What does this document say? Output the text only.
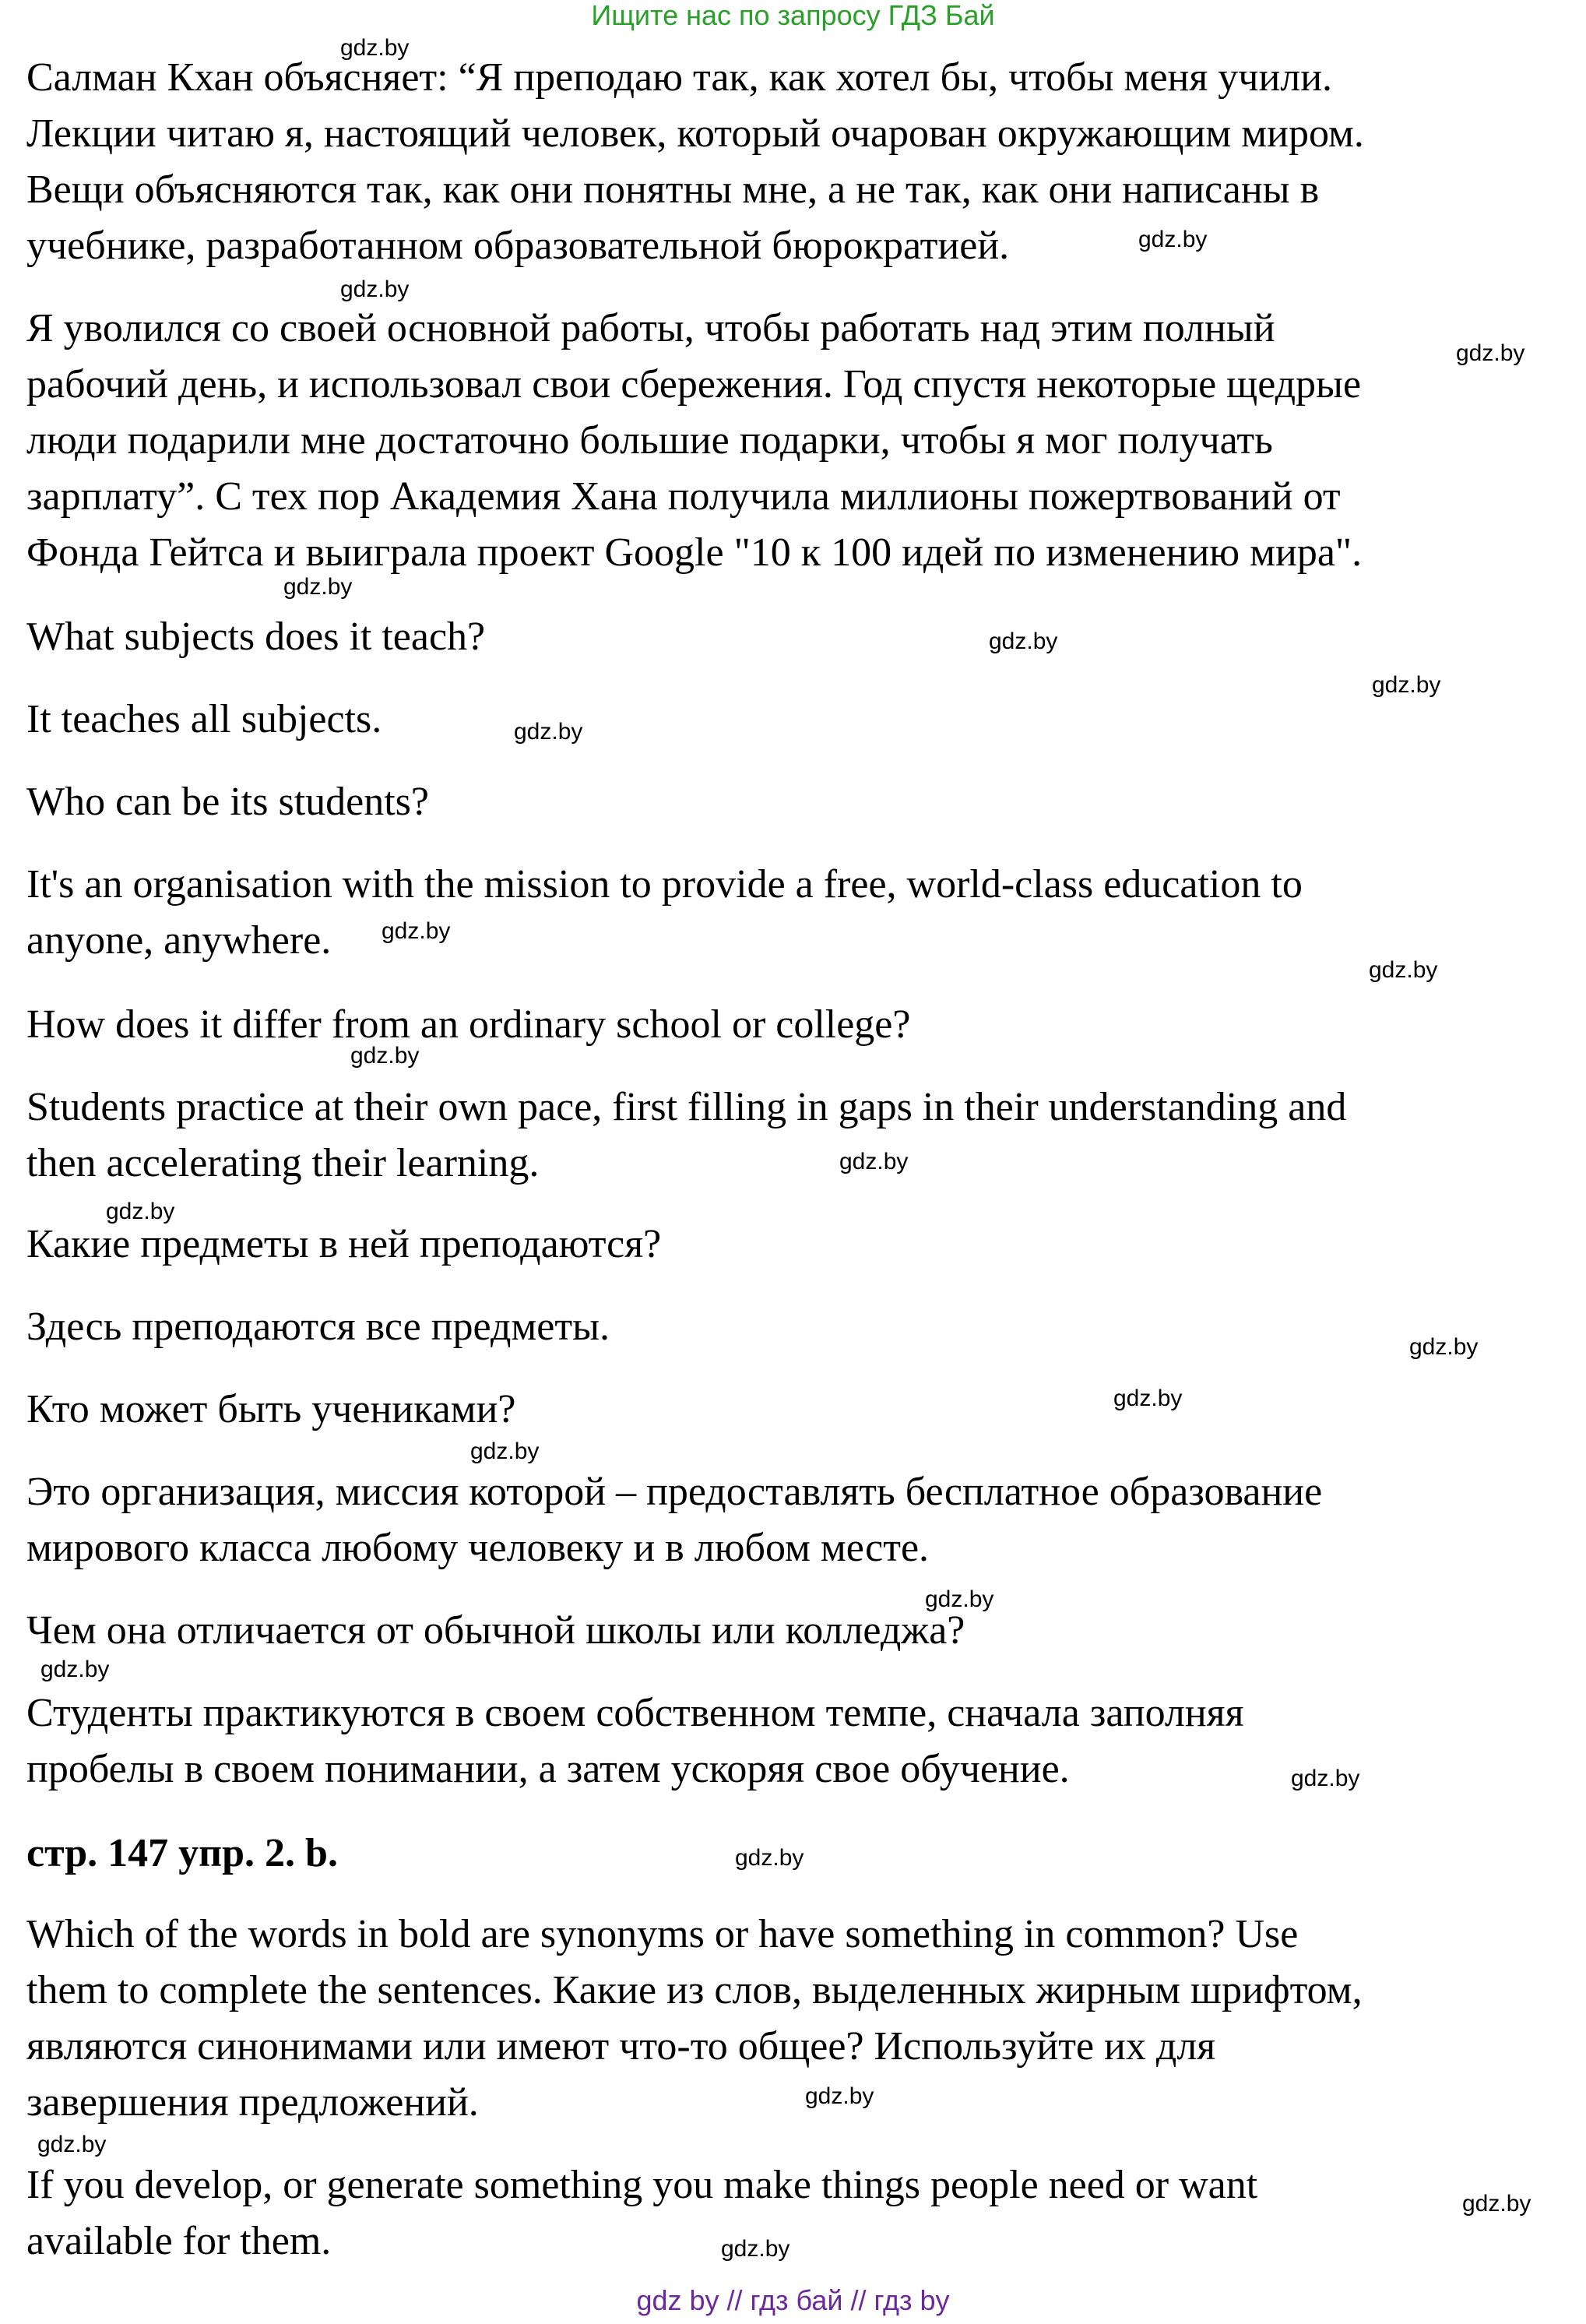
Ищите нас по запросу ГДЗ Бай
Салман Кхан объясняет: “Я преподаю так, как хотел бы, чтобы меня учили.
Лекции читаю я, настоящий человек, который очарован окружающим миром.
Вещи объясняются так, как они понятны мне, а не так, как они написаны в
учебнике, разработанном образовательной бюрократией.
Я уволился со своей основной работы, чтобы работать над этим полный
рабочий день, и использовал свои сбережения. Год спустя некоторые щедрые
люди подарили мне достаточно большие подарки, чтобы я мог получать
зарплату”. С тех пор Академия Хана получила миллионы пожертвований от
Фонда Гейтса и выиграла проект Google "10 к 100 идей по изменению мира".
What subjects does it teach?
It teaches all subjects.
Who can be its students?
It's an organisation with the mission to provide a free, world-class education to
anyone, anywhere.
How does it differ from an ordinary school or college?
Students practice at their own pace, first filling in gaps in their understanding and
then accelerating their learning.
Какие предметы в ней преподаются?
Здесь преподаются все предметы.
Кто может быть учениками?
Это организация, миссия которой – предоставлять бесплатное образование
мирового класса любому человеку и в любом месте.
Чем она отличается от обычной школы или колледжа?
Студенты практикуются в своем собственном темпе, сначала заполняя
пробелы в своем понимании, а затем ускоряя свое обучение.
стр. 147 упр. 2. b.
Which of the words in bold are synonyms or have something in common? Use
them to complete the sentences. Какие из слов, выделенных жирным шрифтом,
являются синонимами или имеют что-то общее? Используйте их для
завершения предложений.
If you develop, or generate something you make things people need or want
available for them.
gdz.by
gdz.by
gdz.by
gdz.by
gdz.by
gdz.by
gdz.by
gdz.by
gdz.by
gdz.by
gdz.by
gdz.by
gdz.by
gdz.by
gdz.by
gdz.by
gdz.by
gdz.by
gdz.by
gdz.by
gdz.by
gdz.by
gdz.by
gdz.by
gdz by // гдз бай // гдз by
